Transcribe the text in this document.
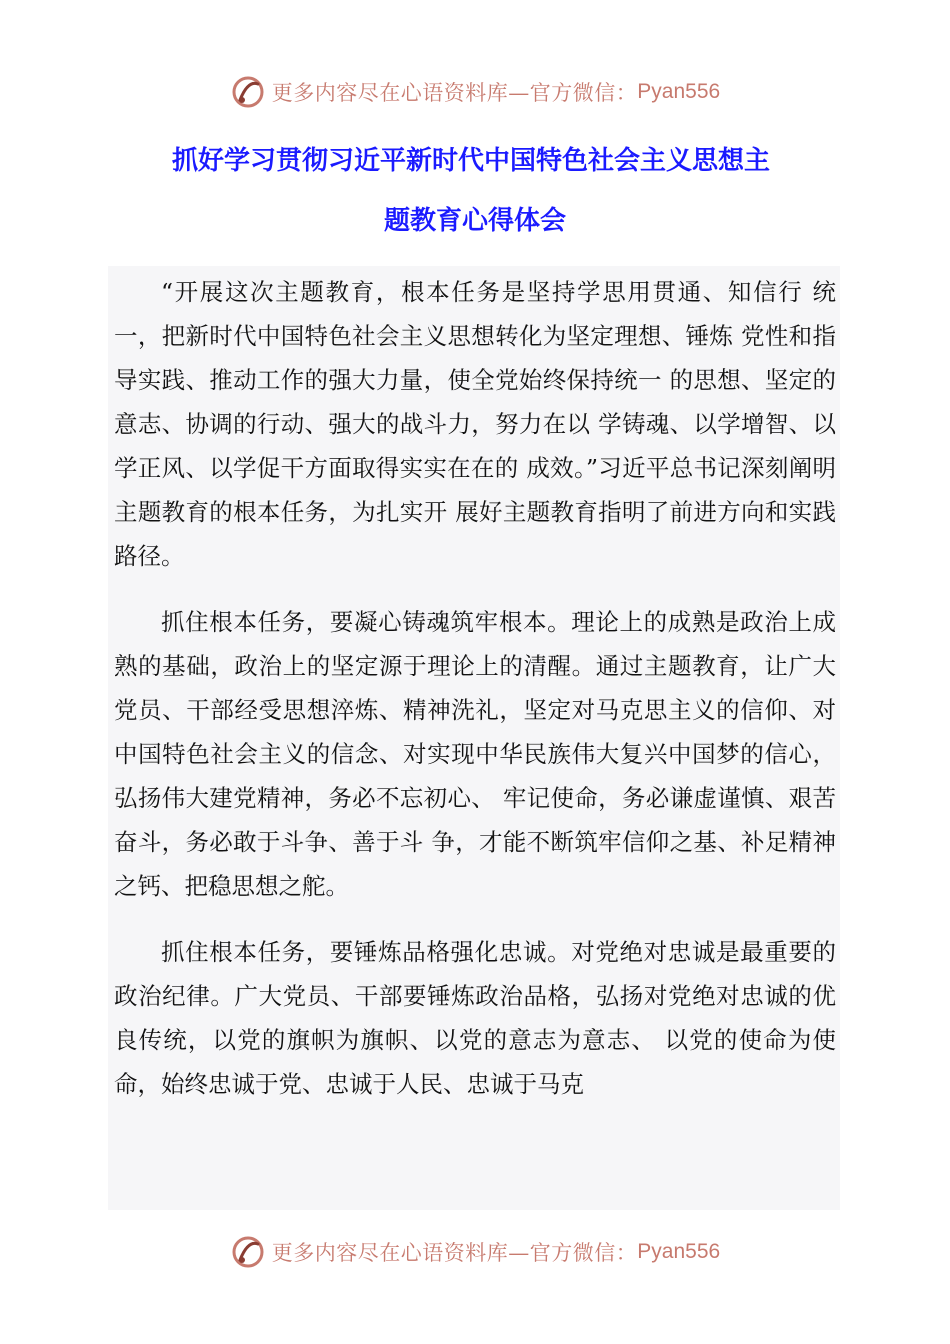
更多内容尽在心语资料库—官方微信： Pyan556
抓好学习贯彻习近平新时代中国特色社会主义思想主
题教育心得体会

“开展这次主题教育，根本任务是坚持学思用贯通、知信行 统一，把新时代中国特色社会主义思想转化为坚定理想、锤炼 党性和指导实践、推动工作的强大力量，使全党始终保持统一 的思想、坚定的意志、协调的行动、强大的战斗力，努力在以 学铸魂、以学增智、以学正风、以学促干方面取得实实在在的 成效。”习近平总书记深刻阐明主题教育的根本任务，为扎实开 展好主题教育指明了前进方向和实践路径。

抓住根本任务，要凝心铸魂筑牢根本。理论上的成熟是政治上成熟的基础，政治上的坚定源于理论上的清醒。通过主题教育，让广大党员、干部经受思想淬炼、精神洗礼，坚定对马克思主义的信仰、对中国特色社会主义的信念、对实现中华民族伟大复兴中国梦的信心，弘扬伟大建党精神，务必不忘初心、 牢记使命，务必谦虚谨慎、艰苦奋斗，务必敢于斗争、善于斗 争，才能不断筑牢信仰之基、补足精神之钙、把稳思想之舵。

抓住根本任务，要锤炼品格强化忠诚。对党绝对忠诚是最重要的政治纪律。广大党员、干部要锤炼政治品格，弘扬对党绝对忠诚的优良传统，以党的旗帜为旗帜、以党的意志为意志、 以党的使命为使命，始终忠诚于党、忠诚于人民、忠诚于马克

更多内容尽在心语资料库—官方微信： Pyan556
